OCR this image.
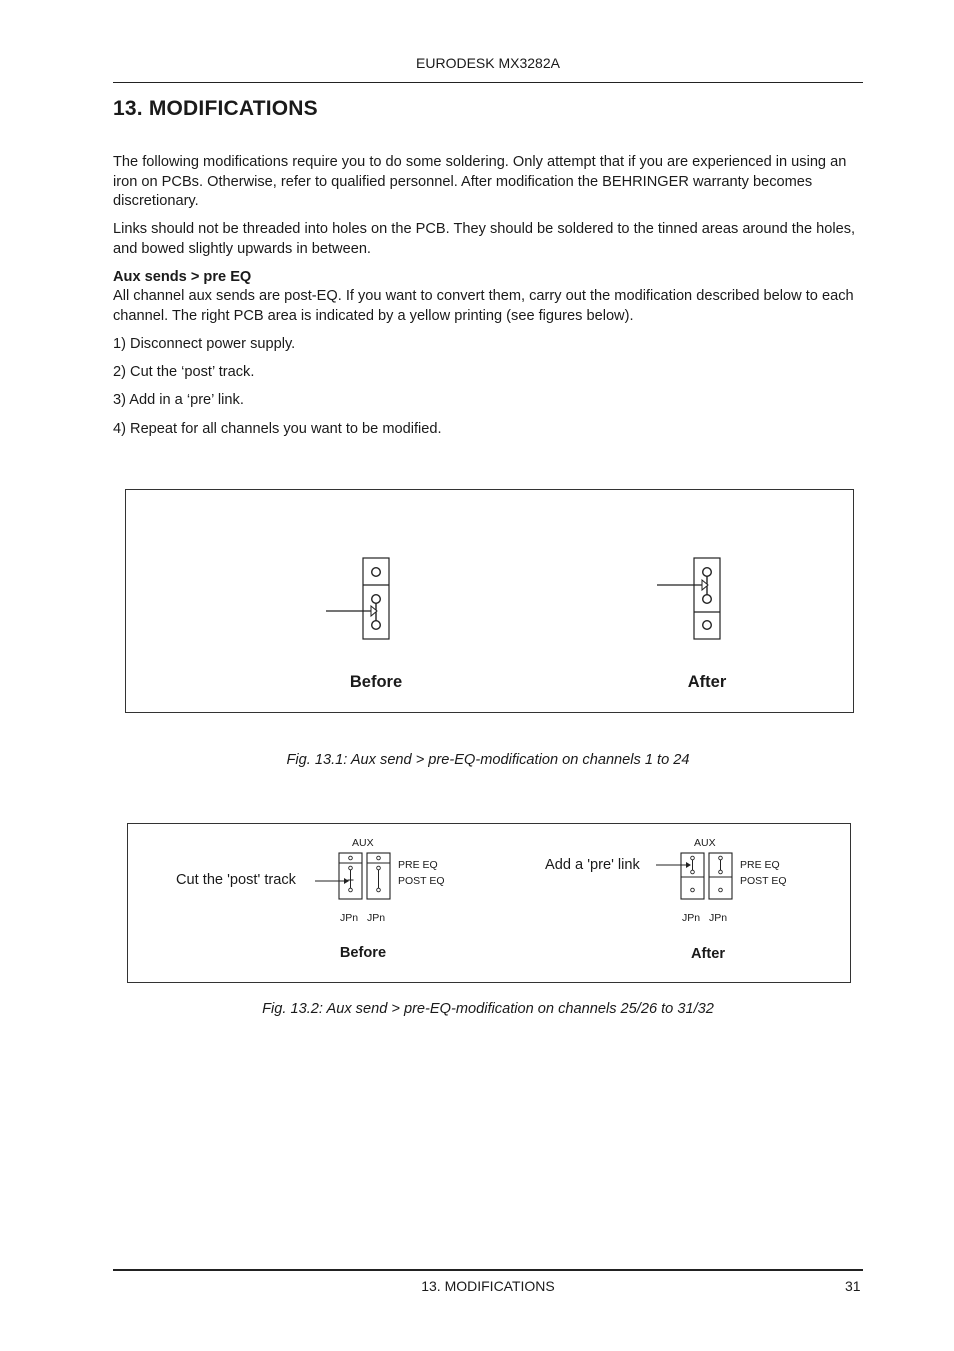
EURODESK MX3282A
13. MODIFICATIONS
The following modifications require you to do some soldering. Only attempt that if you are experienced in using an iron on PCBs. Otherwise, refer to qualified personnel. After modification the BEHRINGER warranty becomes discretionary.
Links should not be threaded into holes on the PCB. They should be soldered to the tinned areas around the holes, and bowed slightly upwards in between.
Aux sends > pre EQ
All channel aux sends are post-EQ. If you want to convert them, carry out the modification described below to each channel. The right PCB area is indicated by a yellow printing (see figures below).
1) Disconnect power supply.
2) Cut the ‘post’ track.
3) Add in a ‘pre’ link.
4) Repeat for all channels you want to be modified.
Before	After
Fig. 13.1: Aux send > pre-EQ-modification on channels 1 to 24
Cut the 'post' track
AUX
PRE EQ
POST EQ
JPn JPn
Before
Add a 'pre' link
AUX
PRE EQ
POST EQ
JPn JPn
After
Fig. 13.2: Aux send > pre-EQ-modification on channels 25/26 to 31/32
13. MODIFICATIONS	31
